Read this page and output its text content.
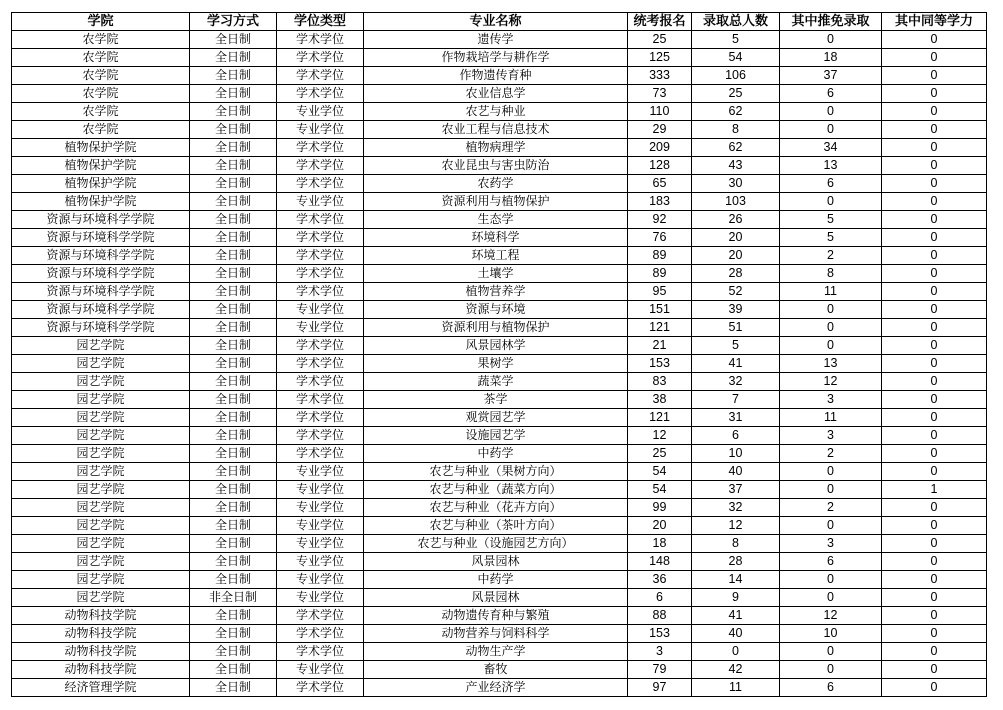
学院	学习方式	学位类型	专业名称	统考报名	录取总人数	其中推免录取	其中同等学力
农学院	全日制	学术学位	遗传学	25	5	0	0
农学院	全日制	学术学位	作物栽培学与耕作学	125	54	18	0
农学院	全日制	学术学位	作物遗传育种	333	106	37	0
农学院	全日制	学术学位	农业信息学	73	25	6	0
农学院	全日制	专业学位	农艺与种业	110	62	0	0
农学院	全日制	专业学位	农业工程与信息技术	29	8	0	0
植物保护学院	全日制	学术学位	植物病理学	209	62	34	0
植物保护学院	全日制	学术学位	农业昆虫与害虫防治	128	43	13	0
植物保护学院	全日制	学术学位	农药学	65	30	6	0
植物保护学院	全日制	专业学位	资源利用与植物保护	183	103	0	0
资源与环境科学学院	全日制	学术学位	生态学	92	26	5	0
资源与环境科学学院	全日制	学术学位	环境科学	76	20	5	0
资源与环境科学学院	全日制	学术学位	环境工程	89	20	2	0
资源与环境科学学院	全日制	学术学位	土壤学	89	28	8	0
资源与环境科学学院	全日制	学术学位	植物营养学	95	52	11	0
资源与环境科学学院	全日制	专业学位	资源与环境	151	39	0	0
资源与环境科学学院	全日制	专业学位	资源利用与植物保护	121	51	0	0
园艺学院	全日制	学术学位	风景园林学	21	5	0	0
园艺学院	全日制	学术学位	果树学	153	41	13	0
园艺学院	全日制	学术学位	蔬菜学	83	32	12	0
园艺学院	全日制	学术学位	茶学	38	7	3	0
园艺学院	全日制	学术学位	观赏园艺学	121	31	11	0
园艺学院	全日制	学术学位	设施园艺学	12	6	3	0
园艺学院	全日制	学术学位	中药学	25	10	2	0
园艺学院	全日制	专业学位	农艺与种业（果树方向）	54	40	0	0
园艺学院	全日制	专业学位	农艺与种业（蔬菜方向）	54	37	0	1
园艺学院	全日制	专业学位	农艺与种业（花卉方向）	99	32	2	0
园艺学院	全日制	专业学位	农艺与种业（茶叶方向）	20	12	0	0
园艺学院	全日制	专业学位	农艺与种业（设施园艺方向）	18	8	3	0
园艺学院	全日制	专业学位	风景园林	148	28	6	0
园艺学院	全日制	专业学位	中药学	36	14	0	0
园艺学院	非全日制	专业学位	风景园林	6	9	0	0
动物科技学院	全日制	学术学位	动物遗传育种与繁殖	88	41	12	0
动物科技学院	全日制	学术学位	动物营养与饲料科学	153	40	10	0
动物科技学院	全日制	学术学位	动物生产学	3	0	0	0
动物科技学院	全日制	专业学位	畜牧	79	42	0	0
经济管理学院	全日制	学术学位	产业经济学	97	11	6	0
